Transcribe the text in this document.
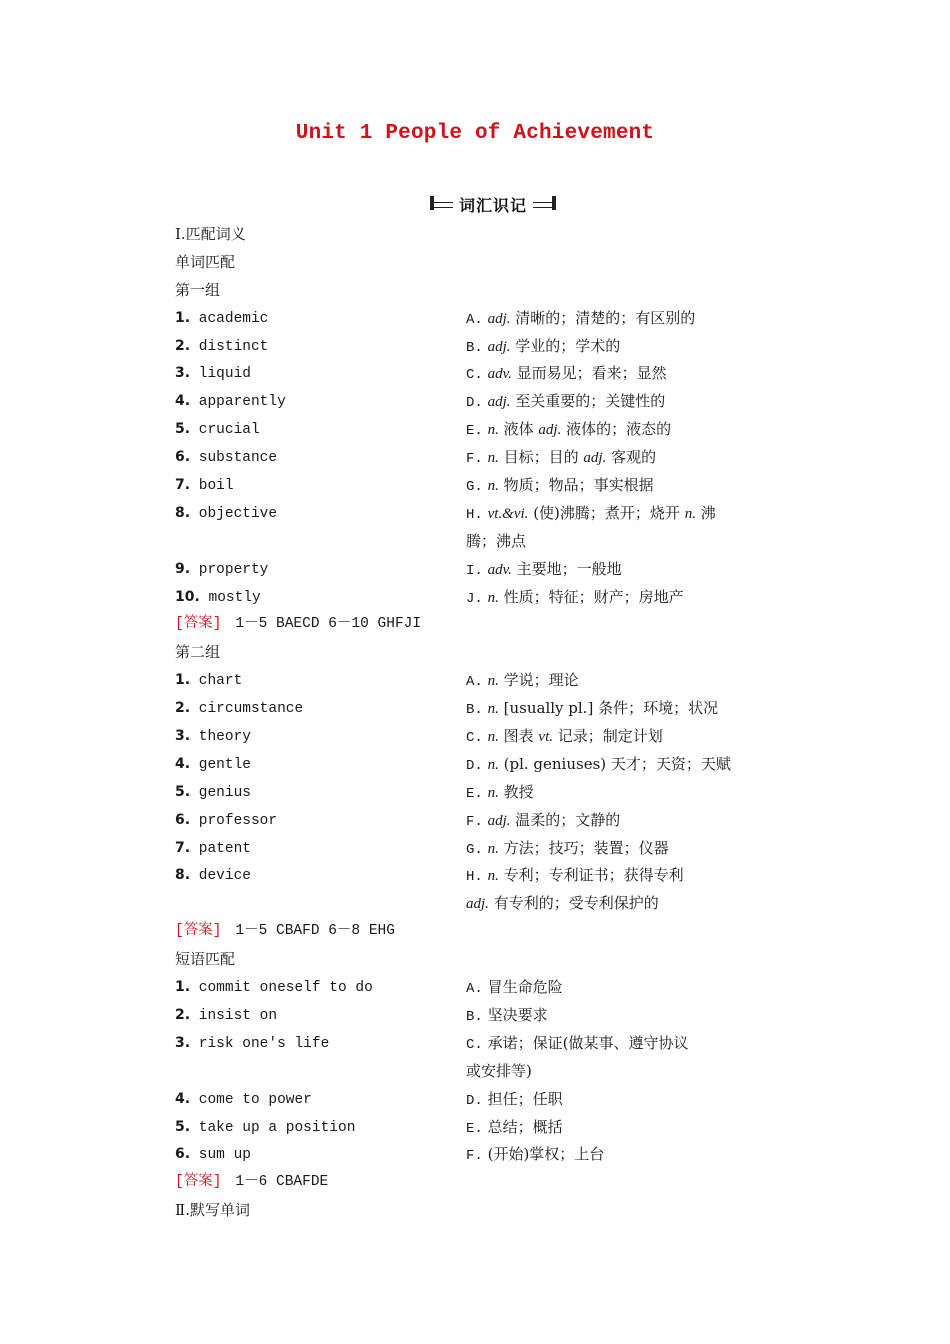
Unit 1 People of Achievement
词汇识记
Ⅰ.匹配词义
单词匹配
第一组
1. academic	A. adj. 清晰的；清楚的；有区别的
2. distinct	B. adj. 学业的；学术的
3. liquid	C. adv. 显而易见；看来；显然
4. apparently	D. adj. 至关重要的；关键性的
5. crucial	E. n. 液体 adj. 液体的；液态的
6. substance	F. n. 目标；目的 adj. 客观的
7. boil	G. n. 物质；物品；事实根据
8. objective	H. vt.&vi. (使)沸腾；煮开；烧开 n. 沸
腾；沸点
9. property	I. adv. 主要地；一般地
10. mostly	J. n. 性质；特征；财产；房地产
[答案] 1－5 BAECD 6－10 GHFJI
第二组
1. chart	A. n. 学说；理论
2. circumstance	B. n. [usually pl.] 条件；环境；状况
3. theory	C. n. 图表 vt. 记录；制定计划
4. gentle	D. n. (pl. geniuses) 天才；天资；天赋
5. genius	E. n. 教授
6. professor	F. adj. 温柔的；文静的
7. patent	G. n. 方法；技巧；装置；仪器
8. device	H. n. 专利；专利证书；获得专利
adj. 有专利的；受专利保护的
[答案] 1－5 CBAFD 6－8 EHG
短语匹配
1. commit oneself to do	A. 冒生命危险
2. insist on	B. 坚决要求
3. risk one's life	C. 承诺；保证(做某事、遵守协议
或安排等)
4. come to power	D. 担任；任职
5. take up a position	E. 总结；概括
6. sum up	F. (开始)掌权；上台
[答案] 1－6 CBAFDE
Ⅱ.默写单词
